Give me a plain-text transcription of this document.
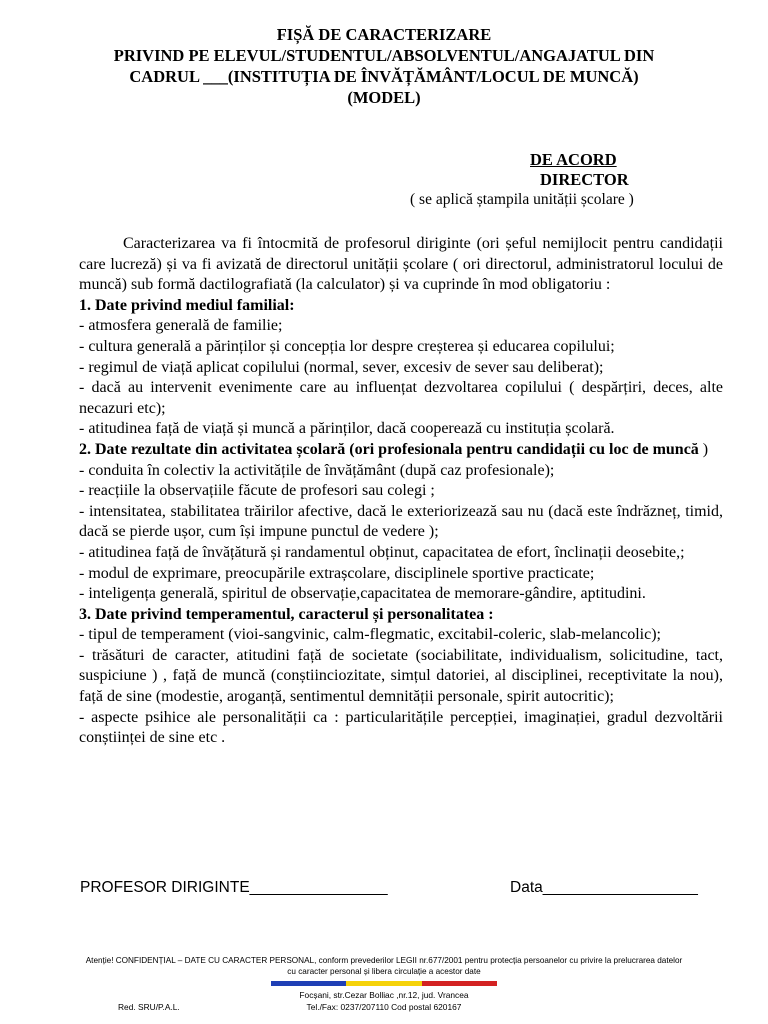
FIȘĂ DE CARACTERIZARE
PRIVIND PE ELEVUL/STUDENTUL/ABSOLVENTUL/ANGAJATUL DIN
CADRUL ___(INSTITUȚIA DE ÎNVĂȚĂMÂNT/LOCUL DE MUNCĂ)
(MODEL)
DE ACORD
DIRECTOR
( se aplică ștampila unității școlare )

Caracterizarea va fi întocmită de profesorul diriginte (ori șeful nemijlocit pentru candidații care lucreză) și va fi avizată de directorul unității școlare ( ori directorul, administratorul locului de muncă) sub formă dactilografiată (la calculator) și va cuprinde în mod obligatoriu :

1. Date privind mediul familial:

- atmosfera generală de familie;

- cultura generală a părinților și concepția lor despre creșterea și educarea copilului;

- regimul de viață aplicat copilului (normal, sever, excesiv de sever sau deliberat);

- dacă au intervenit evenimente care au influențat dezvoltarea copilului ( despărțiri, deces, alte necazuri etc);

- atitudinea față de viață și muncă a părinților, dacă cooperează cu instituția școlară.

2. Date rezultate din activitatea școlară (ori profesionala pentru candidații cu loc de muncă )

- conduita în colectiv la activitățile de învățământ (după caz profesionale);

- reacțiile la observațiile făcute de profesori sau colegi ;

- intensitatea, stabilitatea trăirilor afective, dacă le exteriorizează sau nu (dacă este îndrăzneț, timid, dacă se pierde ușor, cum își impune punctul de vedere );

- atitudinea față de învățătură și randamentul obținut, capacitatea de efort, înclinații deosebite,;

- modul de exprimare, preocupările extrașcolare, disciplinele sportive practicate;

- inteligența generală, spiritul de observație,capacitatea de memorare-gândire, aptitudini.

3. Date privind temperamentul, caracterul și personalitatea :

- tipul de temperament (vioi-sangvinic, calm-flegmatic, excitabil-coleric, slab-melancolic);

- trăsături de caracter, atitudini față de societate (sociabilitate, individualism, solicitudine, tact, suspiciune ) , față de muncă (conștiinciozitate, simțul datoriei, al disciplinei, receptivitate la nou), față de sine (modestie, aroganță, sentimentul demnității personale, spirit autocritic);

- aspecte psihice ale personalității ca : particularitățile percepției, imaginației, gradul dezvoltării conștiinței de sine etc .

PROFESOR DIRIGINTE________________	Data__________________
Atenție! CONFIDENȚIAL – DATE CU CARACTER PERSONAL, conform prevederilor LEGII nr.677/2001 pentru protecția persoanelor cu privire la prelucrarea datelor cu caracter personal și libera circulație a acestor date
Focșani, str.Cezar Bolliac ,nr.12, jud. Vrancea
Tel./Fax: 0237/207110 Cod postal 620167
Red. SRU/P.A.L.
